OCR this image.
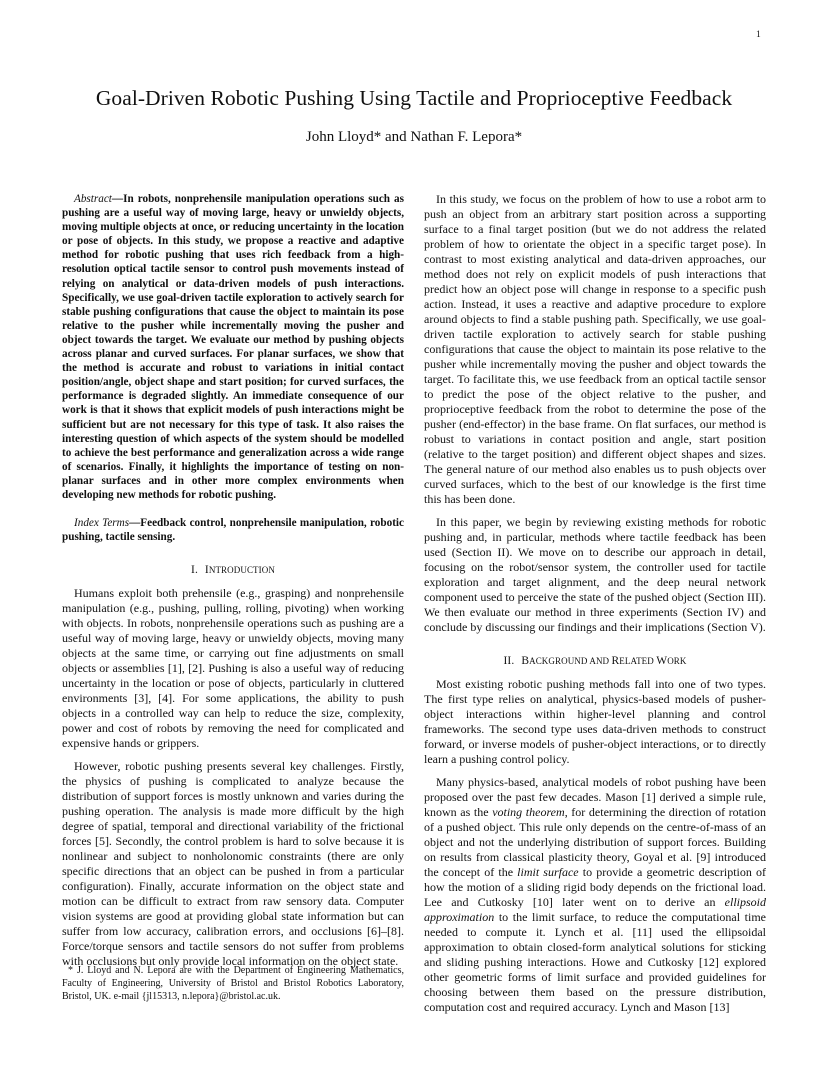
1
Goal-Driven Robotic Pushing Using Tactile and Proprioceptive Feedback
John Lloyd* and Nathan F. Lepora*

Abstract—In robots, nonprehensile manipulation operations such as pushing are a useful way of moving large, heavy or unwieldy objects, moving multiple objects at once, or reducing uncertainty in the location or pose of objects. In this study, we propose a reactive and adaptive method for robotic pushing that uses rich feedback from a high-resolution optical tactile sensor to control push movements instead of relying on analytical or data-driven models of push interactions. Specifically, we use goal-driven tactile exploration to actively search for stable pushing configurations that cause the object to maintain its pose relative to the pusher while incrementally moving the pusher and object towards the target. We evaluate our method by pushing objects across planar and curved surfaces. For planar surfaces, we show that the method is accurate and robust to variations in initial contact position/angle, object shape and start position; for curved surfaces, the performance is degraded slightly. An immediate consequence of our work is that it shows that explicit models of push interactions might be sufficient but are not necessary for this type of task. It also raises the interesting question of which aspects of the system should be modelled to achieve the best performance and generalization across a wide range of scenarios. Finally, it highlights the importance of testing on non-planar surfaces and in other more complex environments when developing new methods for robotic pushing.

Index Terms—Feedback control, nonprehensile manipulation, robotic pushing, tactile sensing.

I. INTRODUCTION

Humans exploit both prehensile (e.g., grasping) and nonprehensile manipulation (e.g., pushing, pulling, rolling, pivoting) when working with objects. In robots, nonprehensile operations such as pushing are a useful way of moving large, heavy or unwieldy objects, moving many objects at the same time, or carrying out fine adjustments on small objects or assemblies [1], [2]. Pushing is also a useful way of reducing uncertainty in the location or pose of objects, particularly in cluttered environments [3], [4]. For some applications, the ability to push objects in a controlled way can help to reduce the size, complexity, power and cost of robots by removing the need for complicated and expensive hands or grippers.

However, robotic pushing presents several key challenges. Firstly, the physics of pushing is complicated to analyze because the distribution of support forces is mostly unknown and varies during the pushing operation. The analysis is made more difficult by the high degree of spatial, temporal and directional variability of the frictional forces [5]. Secondly, the control problem is hard to solve because it is nonlinear and subject to nonholonomic constraints (there are only specific directions that an object can be pushed in from a particular configuration). Finally, accurate information on the object state and motion can be difficult to extract from raw sensory data. Computer vision systems are good at providing global state information but can suffer from low accuracy, calibration errors, and occlusions [6]–[8]. Force/torque sensors and tactile sensors do not suffer from problems with occlusions but only provide local information on the object state.

* J. Lloyd and N. Lepora are with the Department of Engineering Mathematics, Faculty of Engineering, University of Bristol and Bristol Robotics Laboratory, Bristol, UK. e-mail {jl15313, n.lepora}@bristol.ac.uk.

In this study, we focus on the problem of how to use a robot arm to push an object from an arbitrary start position across a supporting surface to a final target position (but we do not address the related problem of how to orientate the object in a specific target pose). In contrast to most existing analytical and data-driven approaches, our method does not rely on explicit models of push interactions that predict how an object pose will change in response to a specific push action. Instead, it uses a reactive and adaptive procedure to explore around objects to find a stable pushing path. Specifically, we use goal-driven tactile exploration to actively search for stable pushing configurations that cause the object to maintain its pose relative to the pusher while incrementally moving the pusher and object towards the target. To facilitate this, we use feedback from an optical tactile sensor to predict the pose of the object relative to the pusher, and proprioceptive feedback from the robot to determine the pose of the pusher (end-effector) in the base frame. On flat surfaces, our method is robust to variations in contact position and angle, start position (relative to the target position) and different object shapes and sizes. The general nature of our method also enables us to push objects over curved surfaces, which to the best of our knowledge is the first time this has been done.

In this paper, we begin by reviewing existing methods for robotic pushing and, in particular, methods where tactile feedback has been used (Section II). We move on to describe our approach in detail, focusing on the robot/sensor system, the controller used for tactile exploration and target alignment, and the deep neural network component used to perceive the state of the pushed object (Section III). We then evaluate our method in three experiments (Section IV) and conclude by discussing our findings and their implications (Section V).

II. BACKGROUND AND RELATED WORK

Most existing robotic pushing methods fall into one of two types. The first type relies on analytical, physics-based models of pusher-object interactions within higher-level planning and control frameworks. The second type uses data-driven methods to construct forward, or inverse models of pusher-object interactions, or to directly learn a pushing control policy.

Many physics-based, analytical models of robot pushing have been proposed over the past few decades. Mason [1] derived a simple rule, known as the voting theorem, for determining the direction of rotation of a pushed object. This rule only depends on the centre-of-mass of an object and not the underlying distribution of support forces. Building on results from classical plasticity theory, Goyal et al. [9] introduced the concept of the limit surface to provide a geometric description of how the motion of a sliding rigid body depends on the frictional load. Lee and Cutkosky [10] later went on to derive an ellipsoid approximation to the limit surface, to reduce the computational time needed to compute it. Lynch et al. [11] used the ellipsoidal approximation to obtain closed-form analytical solutions for sticking and sliding pushing interactions. Howe and Cutkosky [12] explored other geometric forms of limit surface and provided guidelines for choosing between them based on the pressure distribution, computation cost and required accuracy. Lynch and Mason [13]
